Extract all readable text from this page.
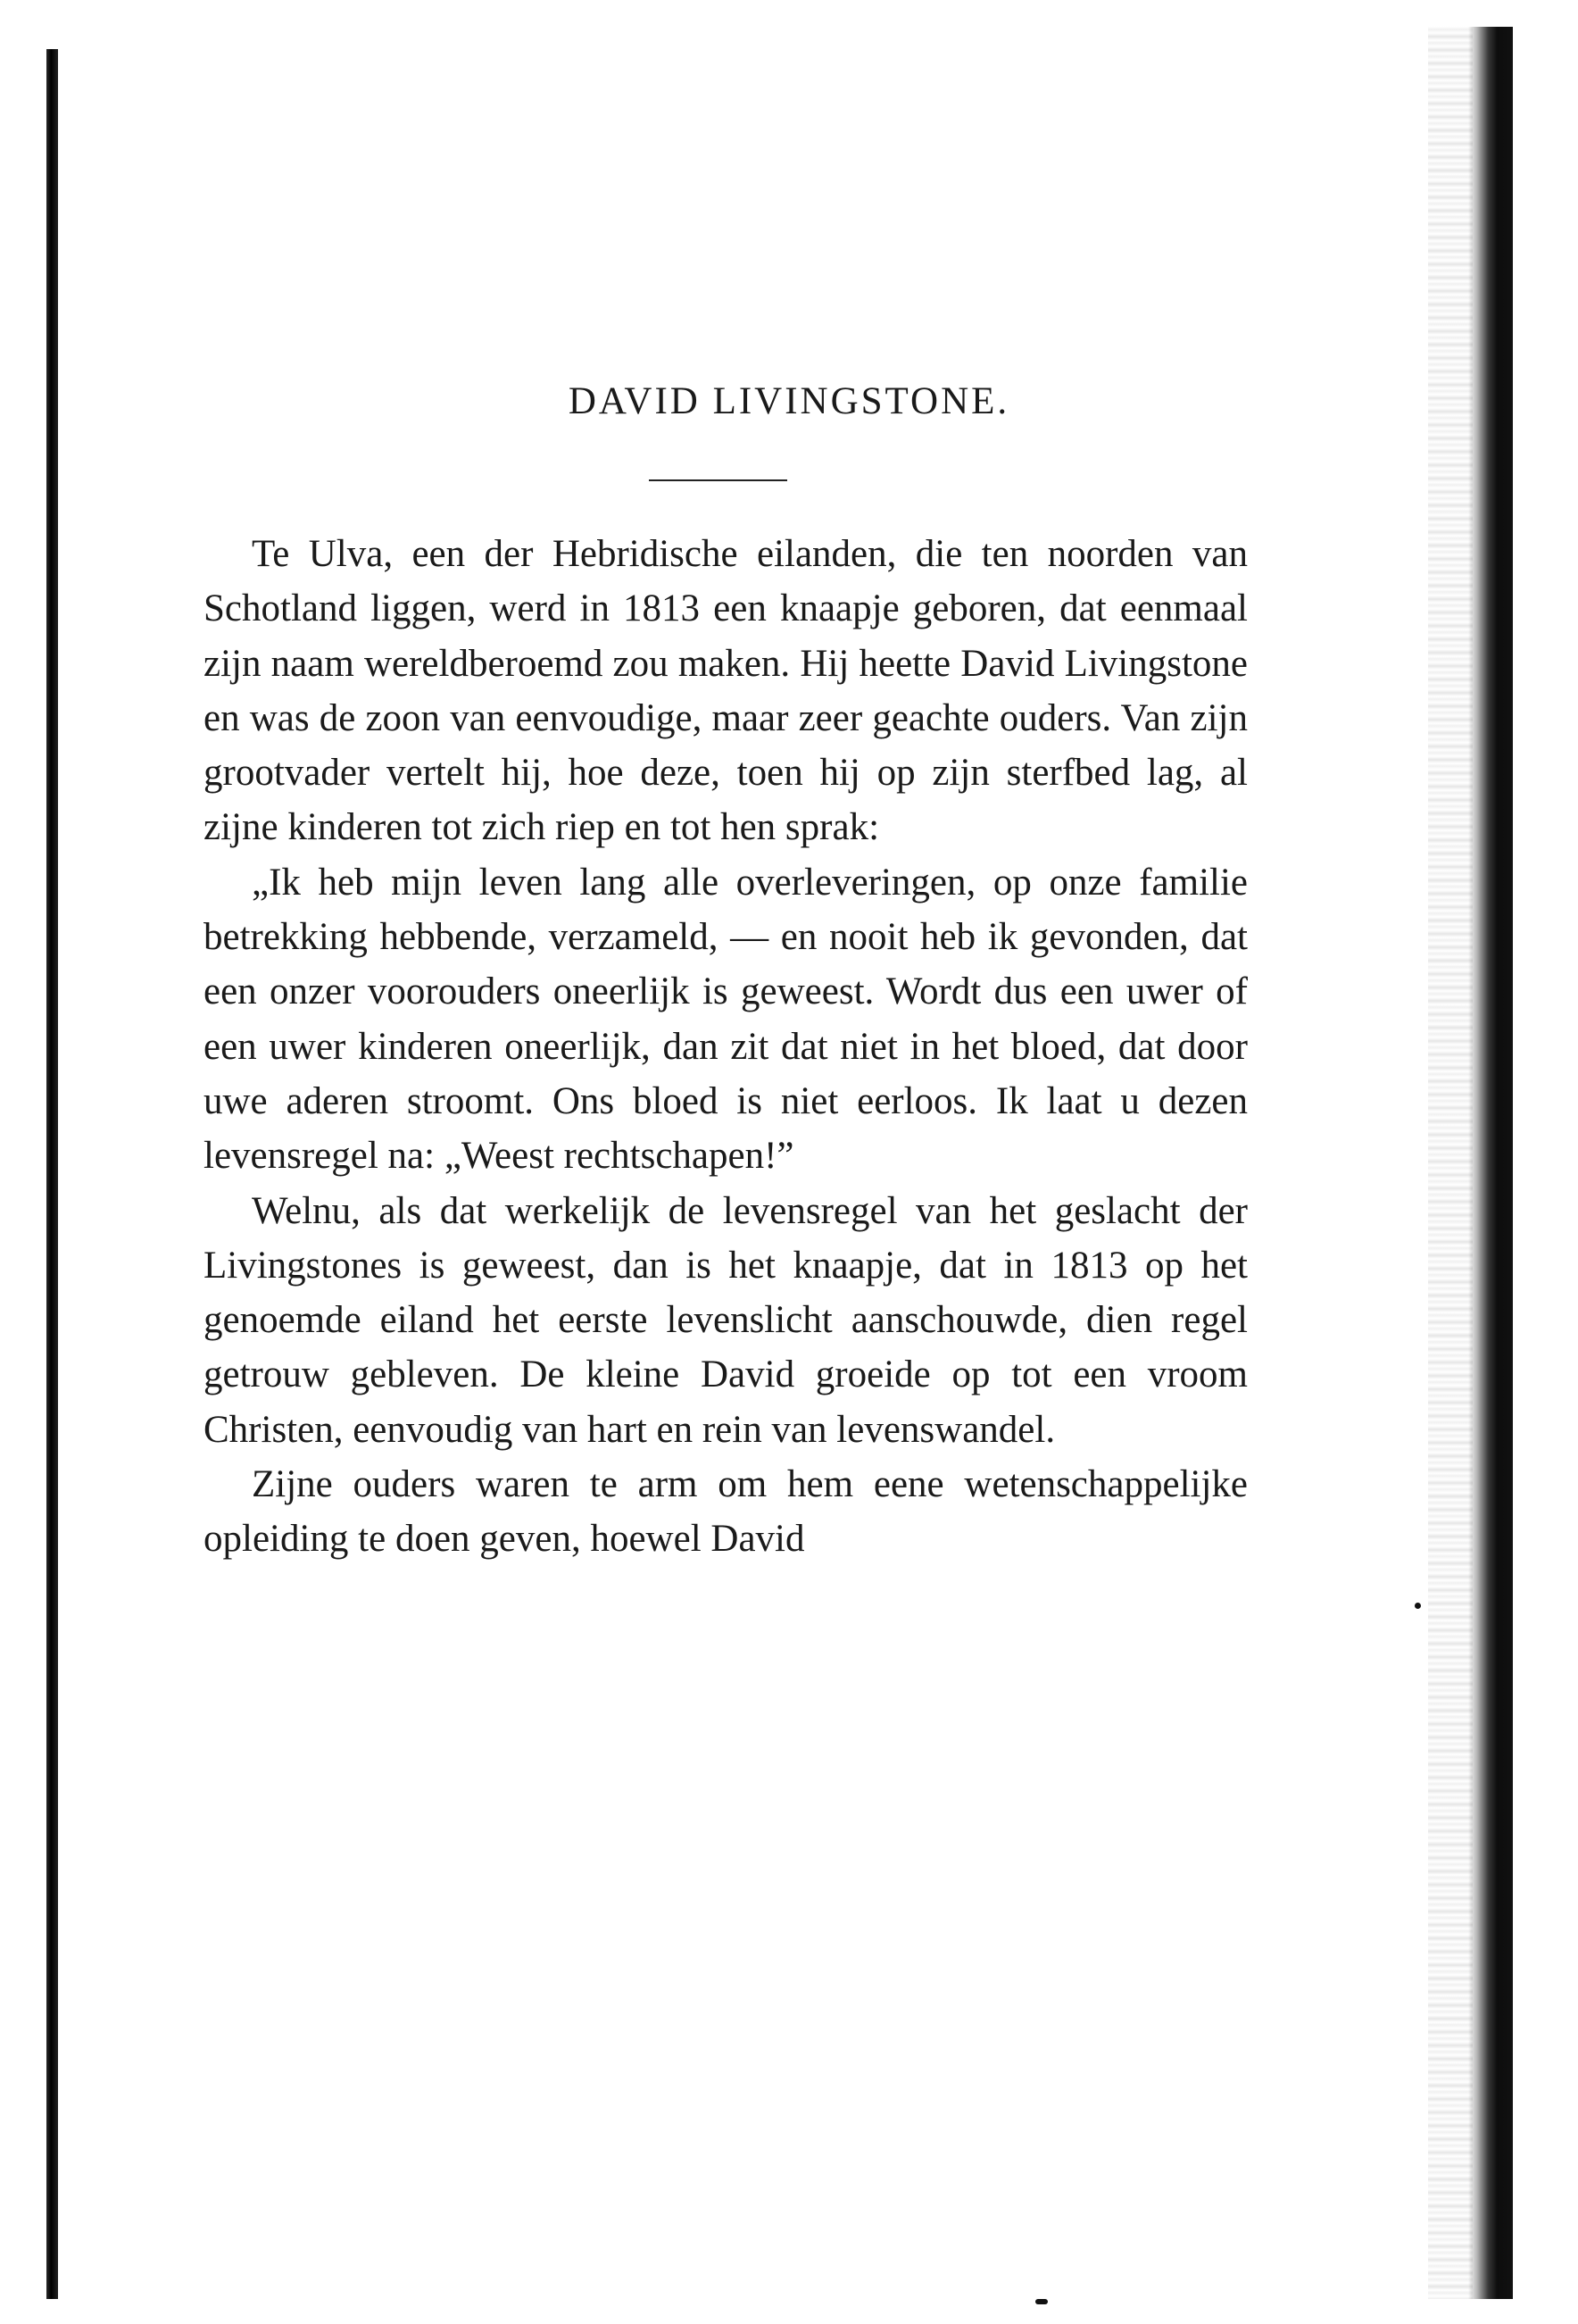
DAVID LIVINGSTONE.

Te Ulva, een der Hebridische eilanden, die ten noorden van Schotland liggen, werd in 1813 een knaapje geboren, dat eenmaal zijn naam wereldberoemd zou maken. Hij heette David Livingstone en was de zoon van eenvoudige, maar zeer geachte ouders. Van zijn grootvader vertelt hij, hoe deze, toen hij op zijn sterfbed lag, al zijne kinderen tot zich riep en tot hen sprak:

„Ik heb mijn leven lang alle overleveringen, op onze familie betrekking hebbende, verzameld, — en nooit heb ik gevonden, dat een onzer voorouders oneerlijk is geweest. Wordt dus een uwer of een uwer kinderen oneerlijk, dan zit dat niet in het bloed, dat door uwe aderen stroomt. Ons bloed is niet eerloos. Ik laat u dezen levensregel na: „Weest rechtschapen!”

Welnu, als dat werkelijk de levensregel van het geslacht der Livingstones is geweest, dan is het knaapje, dat in 1813 op het genoemde eiland het eerste levenslicht aanschouwde, dien regel getrouw gebleven. De kleine David groeide op tot een vroom Christen, eenvoudig van hart en rein van levenswandel.

Zijne ouders waren te arm om hem eene wetenschappelijke opleiding te doen geven, hoewel David
